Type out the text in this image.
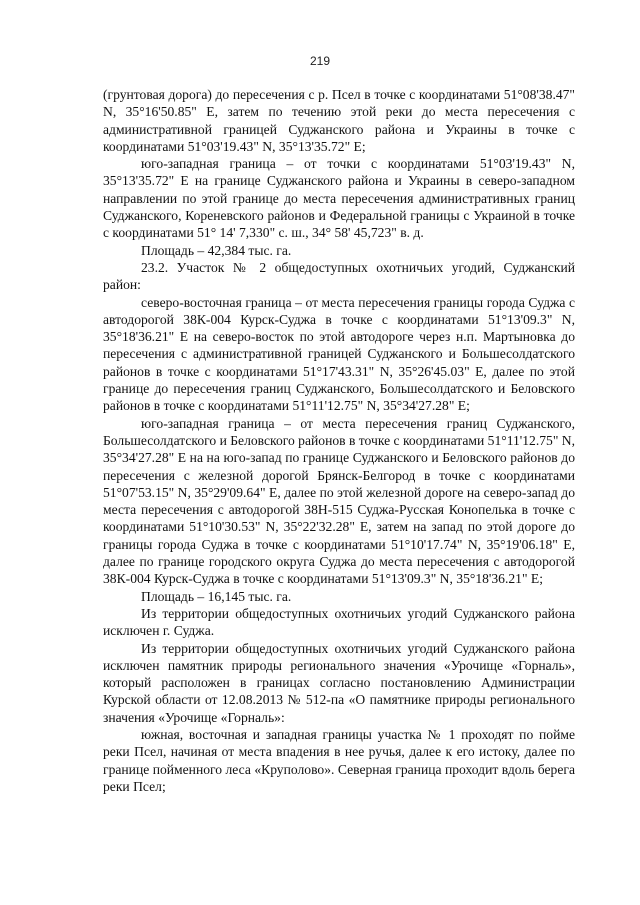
219

(грунтовая дорога) до пересечения с р. Псел в точке с координатами 51°08'38.47" N, 35°16'50.85" E, затем по течению этой реки до места пересечения с административной границей Суджанского района и Украины в точке с координатами 51°03'19.43" N, 35°13'35.72" E;

юго-западная граница – от точки с координатами 51°03'19.43" N, 35°13'35.72" E на границе Суджанского района и Украины в северо-западном направлении по этой границе до места пересечения административных границ Суджанского, Кореневского районов и Федеральной границы с Украиной в точке с координатами 51° 14' 7,330" с. ш., 34° 58' 45,723" в. д.

Площадь – 42,384 тыс. га.

23.2. Участок № 2 общедоступных охотничьих угодий, Суджанский район:

северо-восточная граница – от места пересечения границы города Суджа с автодорогой 38К-004 Курск-Суджа в точке с координатами 51°13'09.3" N, 35°18'36.21" E на северо-восток по этой автодороге через н.п. Мартыновка до пересечения с административной границей Суджанского и Большесолдатского районов в точке с координатами 51°17'43.31" N, 35°26'45.03" E, далее по этой границе до пересечения границ Суджанского, Большесолдатского и Беловского районов в точке с координатами 51°11'12.75" N, 35°34'27.28" E;

юго-западная граница – от места пересечения границ Суджанского, Большесолдатского и Беловского районов в точке с координатами 51°11'12.75" N, 35°34'27.28" E на на юго-запад по границе Суджанского и Беловского районов до пересечения с железной дорогой Брянск-Белгород в точке с координатами 51°07'53.15" N, 35°29'09.64" E, далее по этой железной дороге на северо-запад до места пересечения с автодорогой 38Н-515 Суджа-Русская Конопелька в точке с координатами 51°10'30.53" N, 35°22'32.28" E, затем на запад по этой дороге до границы города Суджа в точке с координатами 51°10'17.74" N, 35°19'06.18" E, далее по границе городского округа Суджа до места пересечения с автодорогой 38К-004 Курск-Суджа в точке с координатами 51°13'09.3" N, 35°18'36.21" E;

Площадь – 16,145 тыс. га.

Из территории общедоступных охотничьих угодий Суджанского района исключен г. Суджа.

Из территории общедоступных охотничьих угодий Суджанского района исключен памятник природы регионального значения «Урочище «Горналь», который расположен в границах согласно постановлению Администрации Курской области от 12.08.2013 № 512-па «О памятнике природы регионального значения «Урочище «Горналь»:

южная, восточная и западная границы участка № 1 проходят по пойме реки Псел, начиная от места впадения в нее ручья, далее к его истоку, далее по границе пойменного леса «Круполово». Северная граница проходит вдоль берега реки Псел;
